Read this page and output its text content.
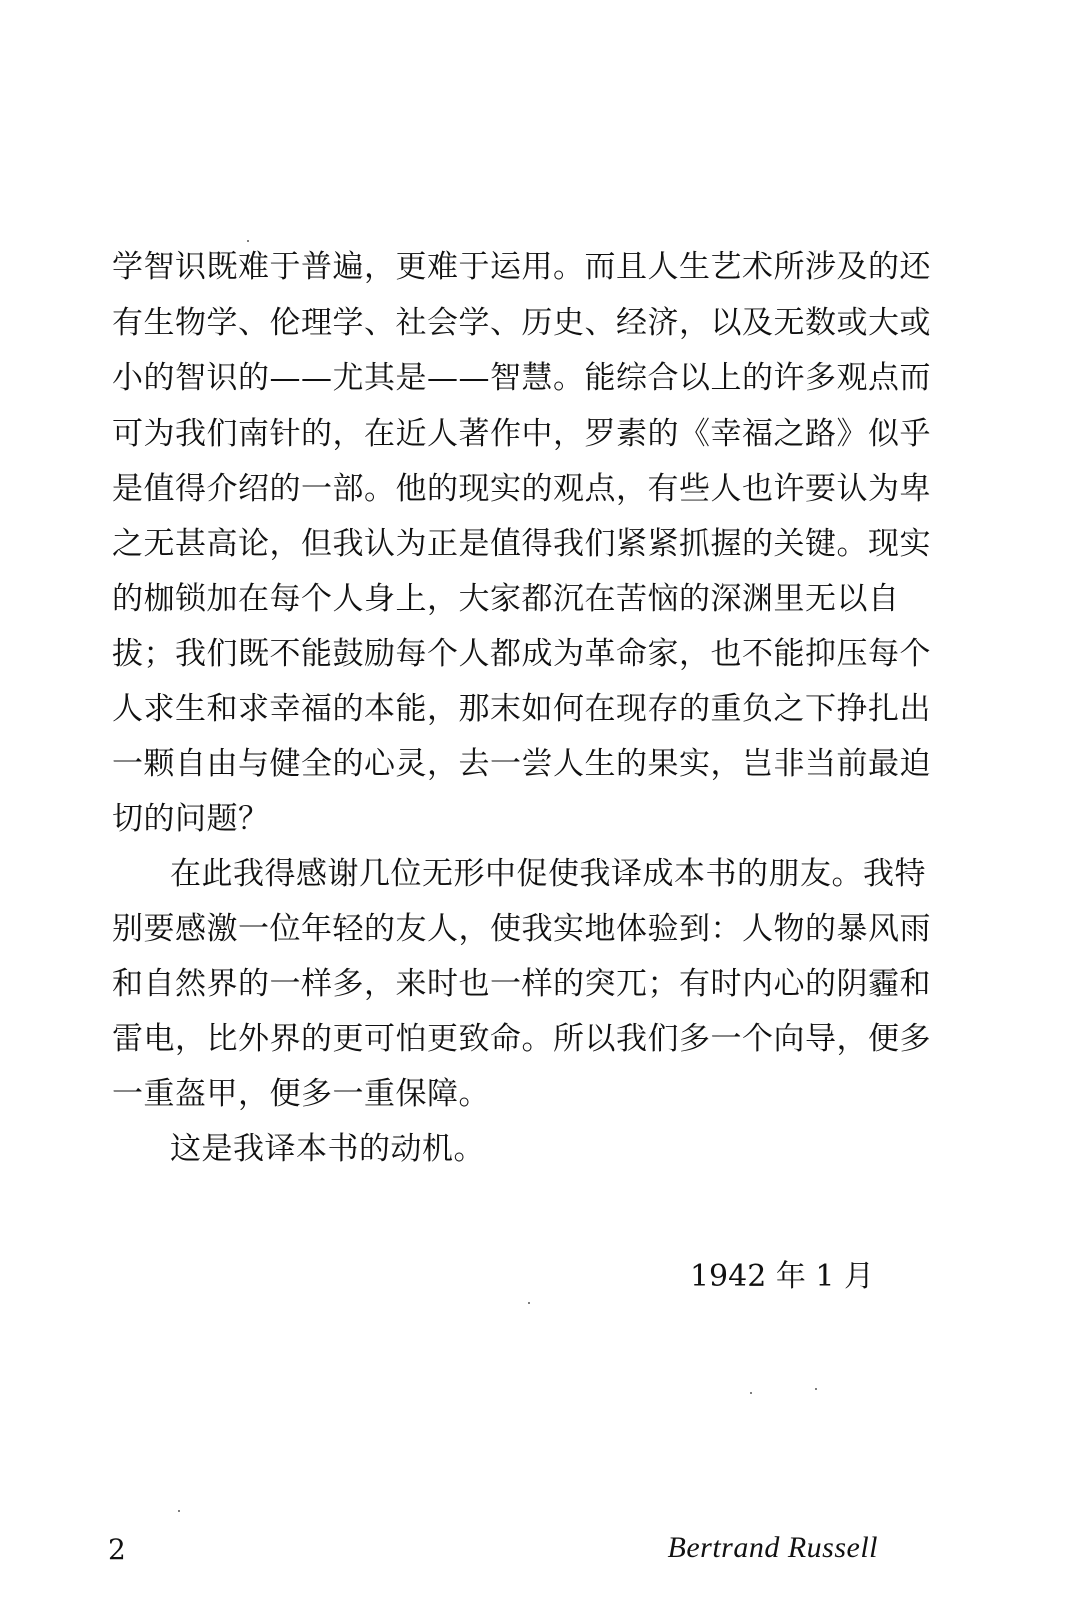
学智识既难于普遍，更难于运用。而且人生艺术所涉及的还
有生物学、伦理学、社会学、历史、经济，以及无数或大或
小的智识的——尤其是——智慧。能综合以上的许多观点而
可为我们南针的，在近人著作中，罗素的《幸福之路》似乎
是值得介绍的一部。他的现实的观点，有些人也许要认为卑
之无甚高论，但我认为正是值得我们紧紧抓握的关键。现实
的枷锁加在每个人身上，大家都沉在苦恼的深渊里无以自
拔；我们既不能鼓励每个人都成为革命家，也不能抑压每个
人求生和求幸福的本能，那末如何在现存的重负之下挣扎出
一颗自由与健全的心灵，去一尝人生的果实，岂非当前最迫
切的问题？
在此我得感谢几位无形中促使我译成本书的朋友。我特
别要感激一位年轻的友人，使我实地体验到：人物的暴风雨
和自然界的一样多，来时也一样的突兀；有时内心的阴霾和
雷电，比外界的更可怕更致命。所以我们多一个向导，便多
一重盔甲，便多一重保障。
这是我译本书的动机。
1942 年 1 月
2	Bertrand Russell
